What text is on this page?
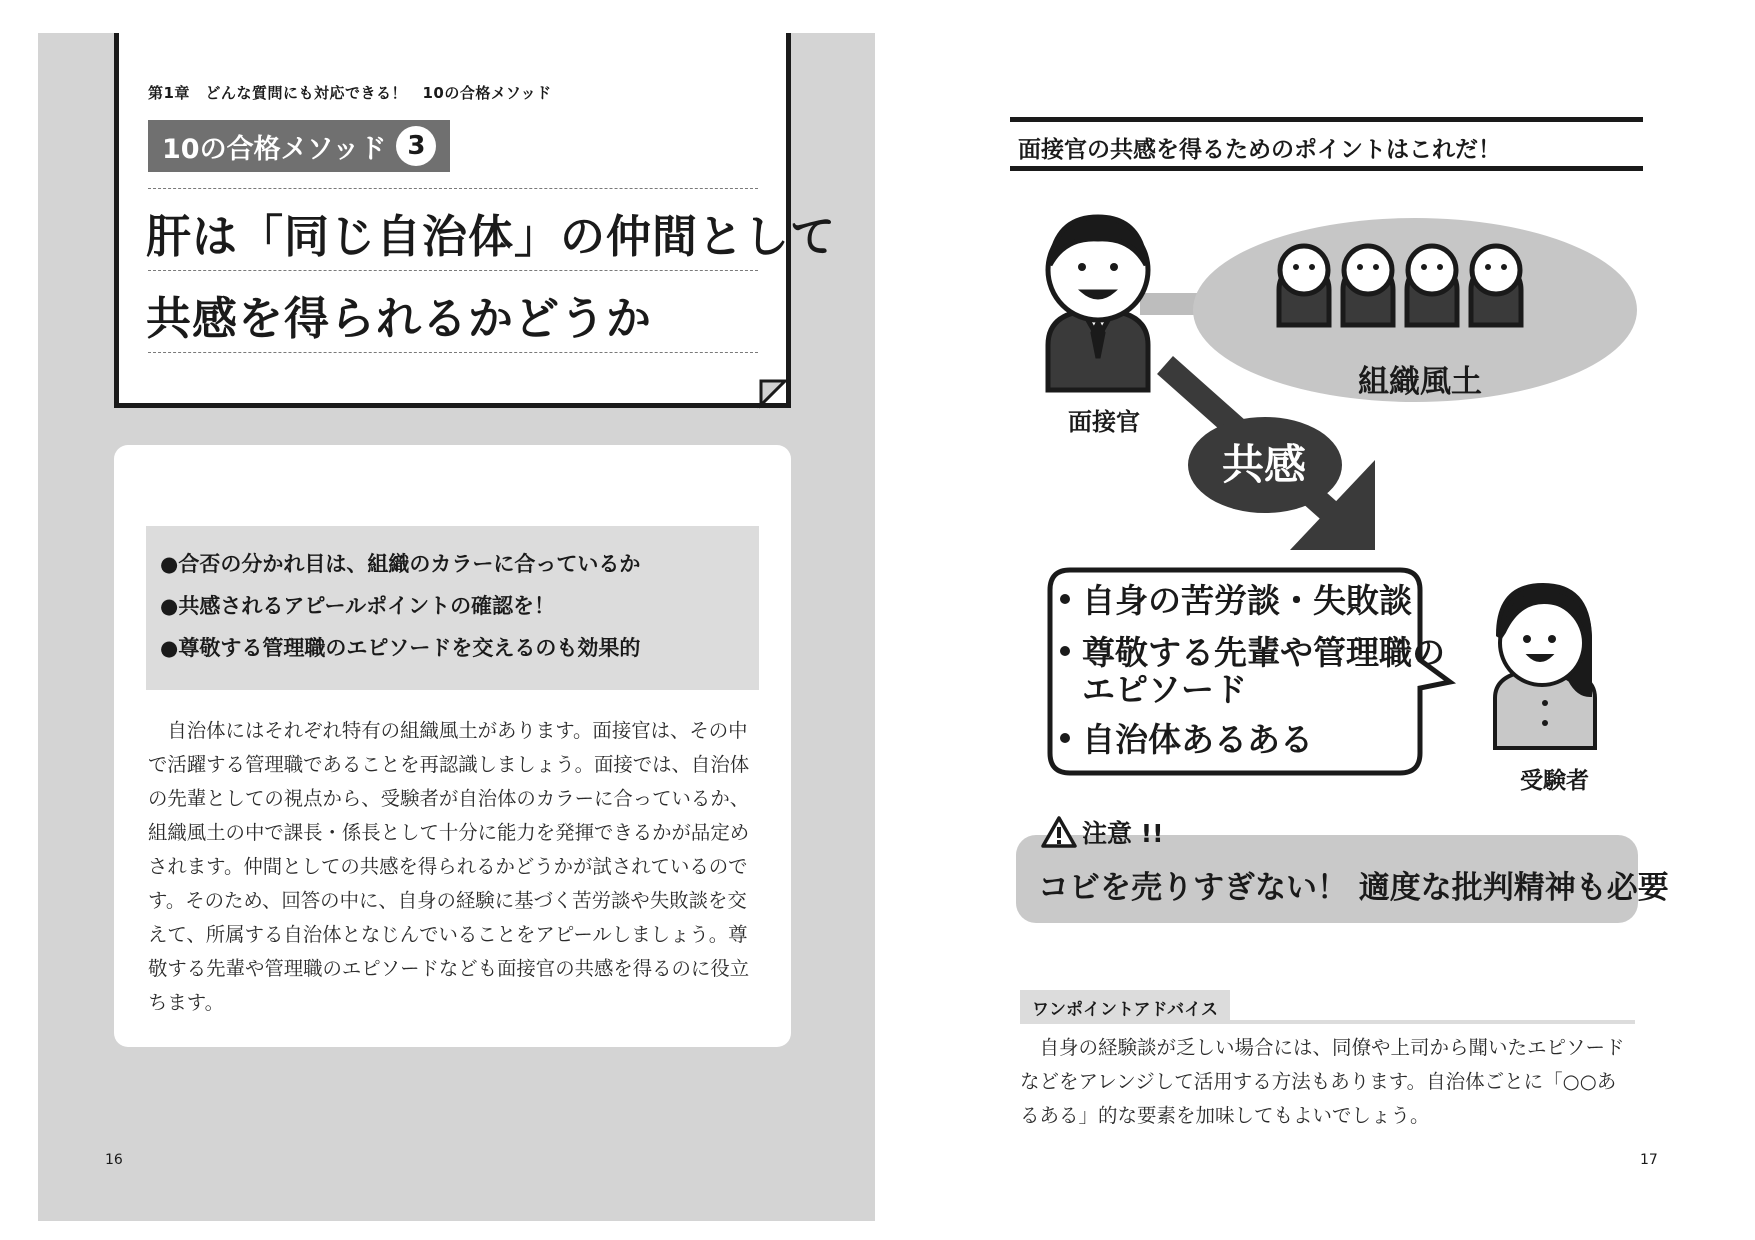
第1章　どんな質問にも対応できる！　10の合格メソッド
10の合格メソッド 3
肝は「同じ自治体」の仲間として
共感を得られるかどうか
●合否の分かれ目は、組織のカラーに合っているか
●共感されるアピールポイントの確認を！
●尊敬する管理職のエピソードを交えるのも効果的
　自治体にはそれぞれ特有の組織風土があります。面接官は、その中
で活躍する管理職であることを再認識しましょう。面接では、自治体
の先輩としての視点から、受験者が自治体のカラーに合っているか、
組織風土の中で課長・係長として十分に能力を発揮できるかが品定め
されます。仲間としての共感を得られるかどうかが試されているので
す。そのため、回答の中に、自身の経験に基づく苦労談や失敗談を交
えて、所属する自治体となじんでいることをアピールしましょう。尊
敬する先輩や管理職のエピソードなども面接官の共感を得るのに役立
ちます。
16
面接官の共感を得るためのポイントはこれだ！
面接官
組織風土
共感
受験者
自身の苦労談・失敗談
尊敬する先輩や管理職の
エピソード
自治体あるある
注意 !!
コビを売りすぎない！ 適度な批判精神も必要
ワンポイントアドバイス
　自身の経験談が乏しい場合には、同僚や上司から聞いたエピソード
などをアレンジして活用する方法もあります。自治体ごとに「○○あ
るある」的な要素を加味してもよいでしょう。
17
